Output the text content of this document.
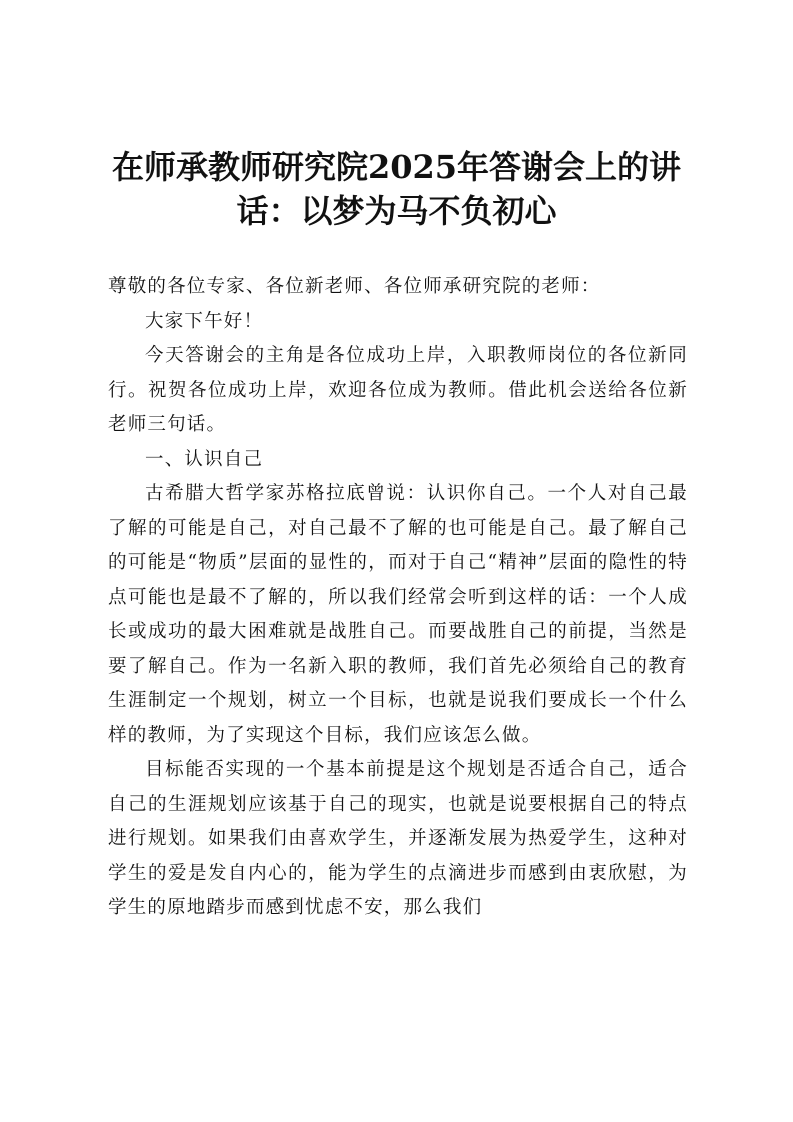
在师承教师研究院2025年答谢会上的讲话：以梦为马不负初心

尊敬的各位专家、各位新老师、各位师承研究院的老师：

大家下午好！

今天答谢会的主角是各位成功上岸，入职教师岗位的各位新同行。祝贺各位成功上岸，欢迎各位成为教师。借此机会送给各位新老师三句话。

一、认识自己

古希腊大哲学家苏格拉底曾说：认识你自己。一个人对自己最了解的可能是自己，对自己最不了解的也可能是自己。最了解自己的可能是“物质”层面的显性的，而对于自己“精神”层面的隐性的特点可能也是最不了解的，所以我们经常会听到这样的话：一个人成长或成功的最大困难就是战胜自己。而要战胜自己的前提，当然是要了解自己。作为一名新入职的教师，我们首先必须给自己的教育生涯制定一个规划，树立一个目标，也就是说我们要成长一个什么样的教师，为了实现这个目标，我们应该怎么做。

目标能否实现的一个基本前提是这个规划是否适合自己，适合自己的生涯规划应该基于自己的现实，也就是说要根据自己的特点进行规划。如果我们由喜欢学生，并逐渐发展为热爱学生，这种对学生的爱是发自内心的，能为学生的点滴进步而感到由衷欣慰，为学生的原地踏步而感到忧虑不安，那么我们
